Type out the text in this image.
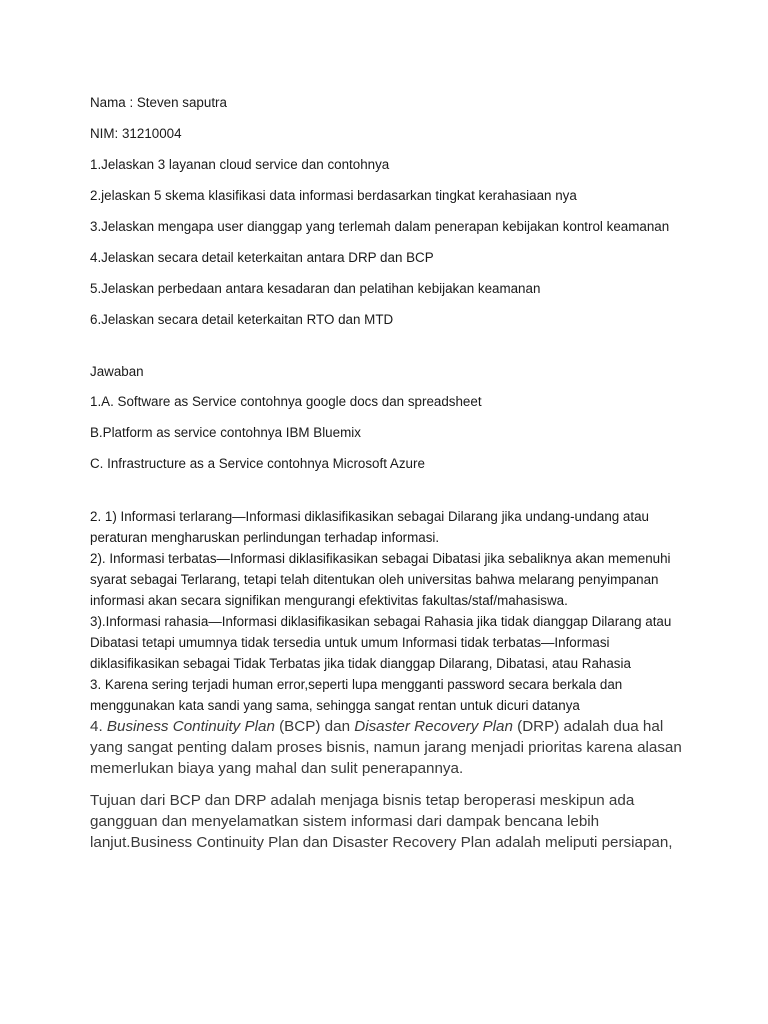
Nama : Steven saputra

NIM: 31210004

1.Jelaskan 3 layanan cloud service dan contohnya

2.jelaskan 5 skema klasifikasi data informasi berdasarkan tingkat kerahasiaan nya

3.Jelaskan mengapa user dianggap yang terlemah dalam penerapan kebijakan kontrol keamanan

4.Jelaskan secara detail keterkaitan antara DRP dan BCP

5.Jelaskan perbedaan antara kesadaran dan pelatihan kebijakan keamanan

6.Jelaskan secara detail keterkaitan RTO dan MTD

Jawaban

1.A. Software as Service contohnya google docs dan spreadsheet

B.Platform as service contohnya IBM Bluemix

C. Infrastructure as a Service contohnya Microsoft Azure

2. 1) Informasi terlarang—Informasi diklasifikasikan sebagai Dilarang jika undang-undang atau peraturan mengharuskan perlindungan terhadap informasi.

2). Informasi terbatas—Informasi diklasifikasikan sebagai Dibatasi jika sebaliknya akan memenuhi syarat sebagai Terlarang, tetapi telah ditentukan oleh universitas bahwa melarang penyimpanan informasi akan secara signifikan mengurangi efektivitas fakultas/staf/mahasiswa.

3).Informasi rahasia—Informasi diklasifikasikan sebagai Rahasia jika tidak dianggap Dilarang atau Dibatasi tetapi umumnya tidak tersedia untuk umum Informasi tidak terbatas—Informasi diklasifikasikan sebagai Tidak Terbatas jika tidak dianggap Dilarang, Dibatasi, atau Rahasia

3. Karena sering terjadi human error,seperti lupa mengganti password secara berkala dan menggunakan kata sandi yang sama, sehingga sangat rentan untuk dicuri datanya

4. Business Continuity Plan (BCP) dan Disaster Recovery Plan (DRP) adalah dua hal yang sangat penting dalam proses bisnis, namun jarang menjadi prioritas karena alasan memerlukan biaya yang mahal dan sulit penerapannya.

Tujuan dari BCP dan DRP adalah menjaga bisnis tetap beroperasi meskipun ada gangguan dan menyelamatkan sistem informasi dari dampak bencana lebih lanjut.Business Continuity Plan dan Disaster Recovery Plan adalah meliputi persiapan,
